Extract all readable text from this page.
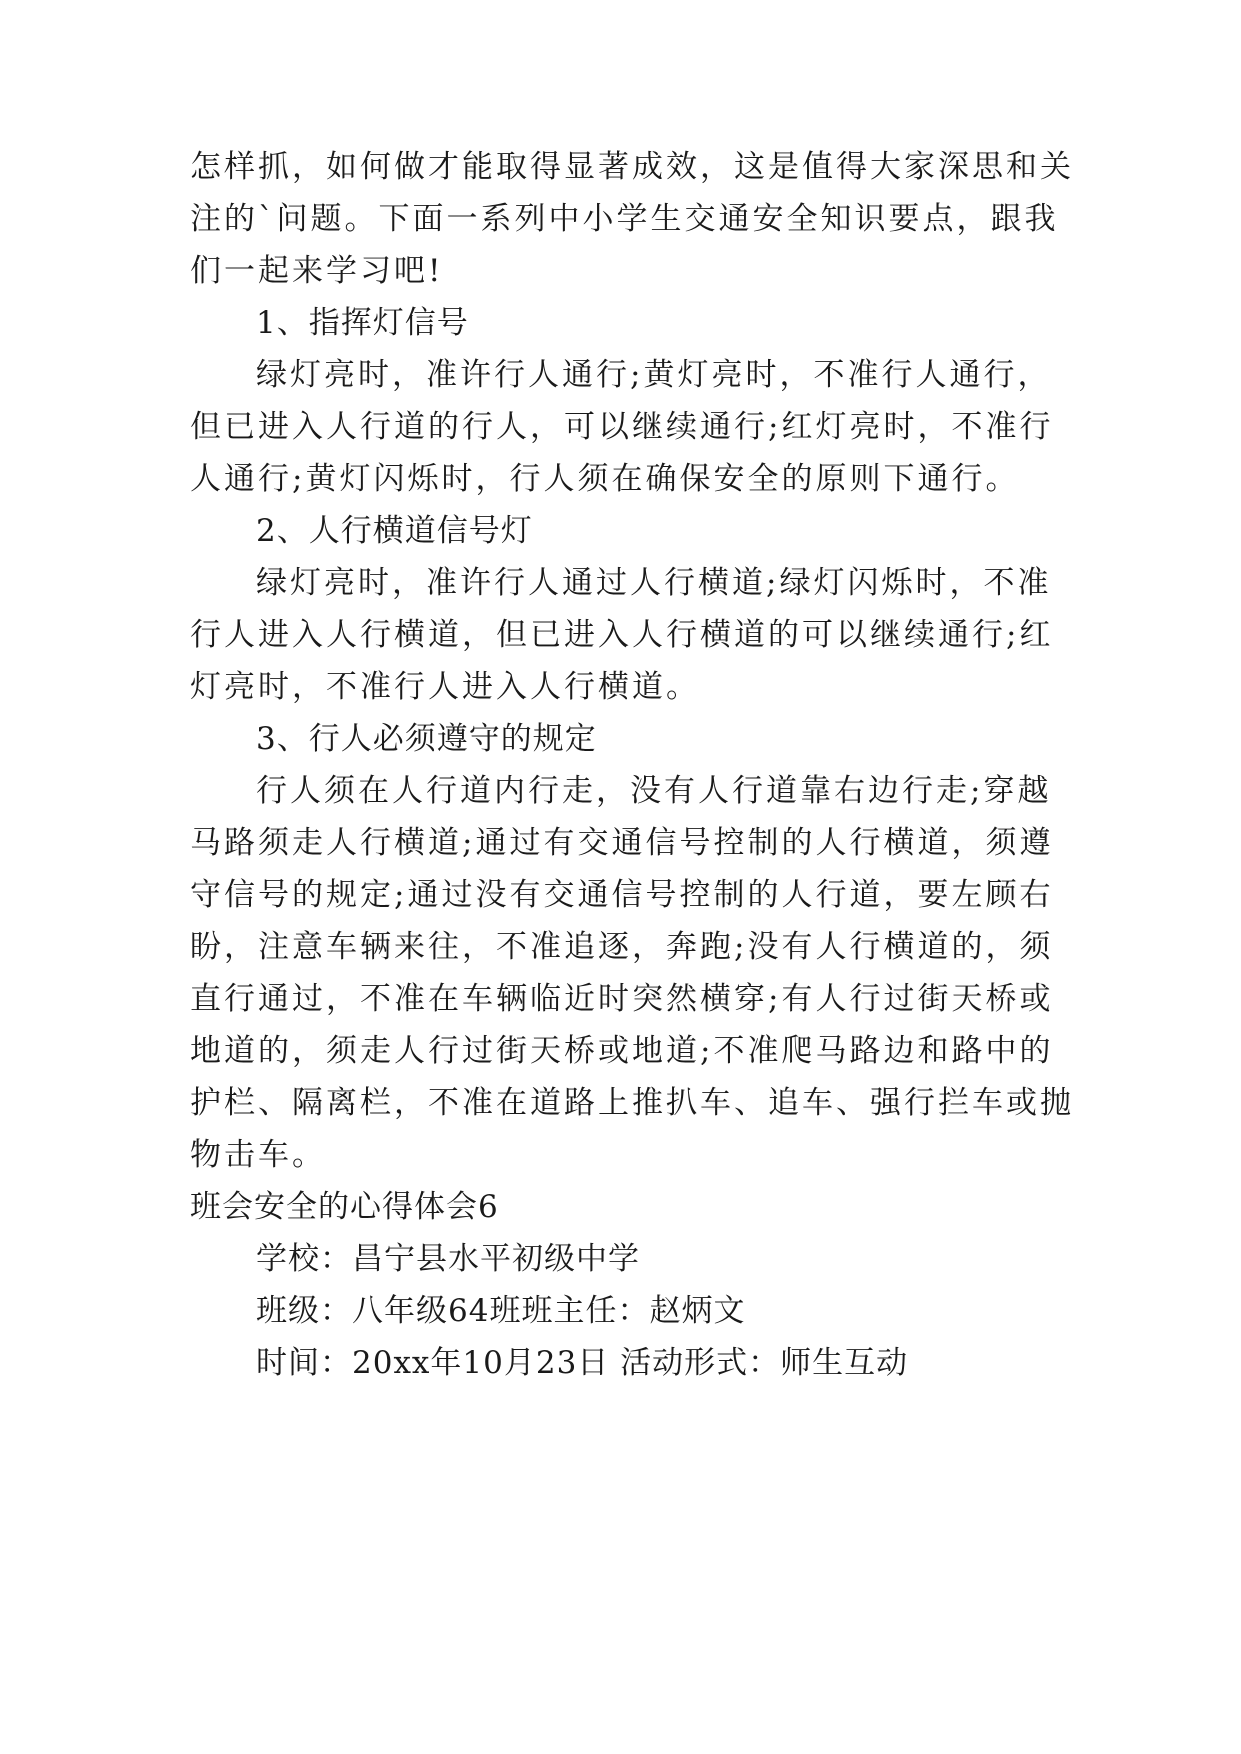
怎样抓，如何做才能取得显著成效，这是值得大家深思和关
注的`问题。下面一系列中小学生交通安全知识要点，跟我
们一起来学习吧!
1、指挥灯信号
绿灯亮时，准许行人通行;黄灯亮时，不准行人通行，
但已进入人行道的行人，可以继续通行;红灯亮时，不准行
人通行;黄灯闪烁时，行人须在确保安全的原则下通行。
2、人行横道信号灯
绿灯亮时，准许行人通过人行横道;绿灯闪烁时，不准
行人进入人行横道，但已进入人行横道的可以继续通行;红
灯亮时，不准行人进入人行横道。
3、行人必须遵守的规定
行人须在人行道内行走，没有人行道靠右边行走;穿越
马路须走人行横道;通过有交通信号控制的人行横道，须遵
守信号的规定;通过没有交通信号控制的人行道，要左顾右
盼，注意车辆来往，不准追逐，奔跑;没有人行横道的，须
直行通过，不准在车辆临近时突然横穿;有人行过街天桥或
地道的，须走人行过街天桥或地道;不准爬马路边和路中的
护栏、隔离栏，不准在道路上推扒车、追车、强行拦车或抛
物击车。
班会安全的心得体会6
学校：昌宁县水平初级中学
班级：八年级64班班主任：赵炳文
时间：20xx年10月23日 活动形式：师生互动
